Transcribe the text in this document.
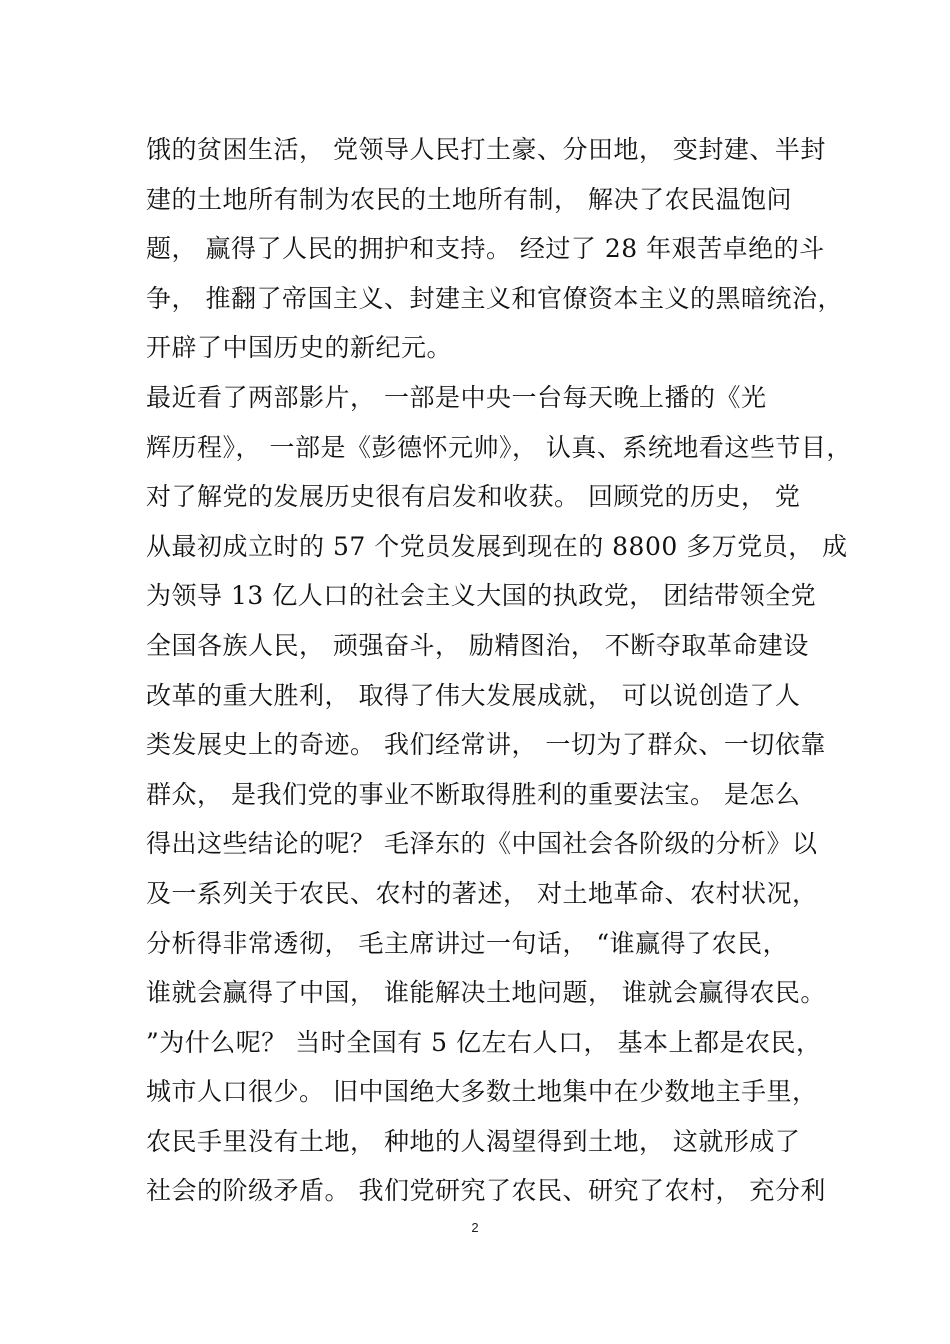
饿的贫困生活， 党领导人民打土豪、分田地， 变封建、半封
建的土地所有制为农民的土地所有制， 解决了农民温饱问
题， 赢得了人民的拥护和支持。 经过了 28 年艰苦卓绝的斗
争， 推翻了帝国主义、封建主义和官僚资本主义的黑暗统治，
开辟了中国历史的新纪元。
最近看了两部影片， 一部是中央一台每天晚上播的《光
辉历程》， 一部是《彭德怀元帅》， 认真、系统地看这些节目，
对了解党的发展历史很有启发和收获。 回顾党的历史， 党
从最初成立时的 57 个党员发展到现在的 8800 多万党员， 成
为领导 13 亿人口的社会主义大国的执政党， 团结带领全党
全国各族人民， 顽强奋斗， 励精图治， 不断夺取革命建设
改革的重大胜利， 取得了伟大发展成就， 可以说创造了人
类发展史上的奇迹。 我们经常讲， 一切为了群众、一切依靠
群众， 是我们党的事业不断取得胜利的重要法宝。 是怎么
得出这些结论的呢？ 毛泽东的《中国社会各阶级的分析》以
及一系列关于农民、农村的著述， 对土地革命、农村状况，
分析得非常透彻， 毛主席讲过一句话， “谁赢得了农民，
谁就会赢得了中国， 谁能解决土地问题， 谁就会赢得农民。
”为什么呢？ 当时全国有 5 亿左右人口， 基本上都是农民，
城市人口很少。 旧中国绝大多数土地集中在少数地主手里，
农民手里没有土地， 种地的人渴望得到土地， 这就形成了
社会的阶级矛盾。 我们党研究了农民、研究了农村， 充分利
2
